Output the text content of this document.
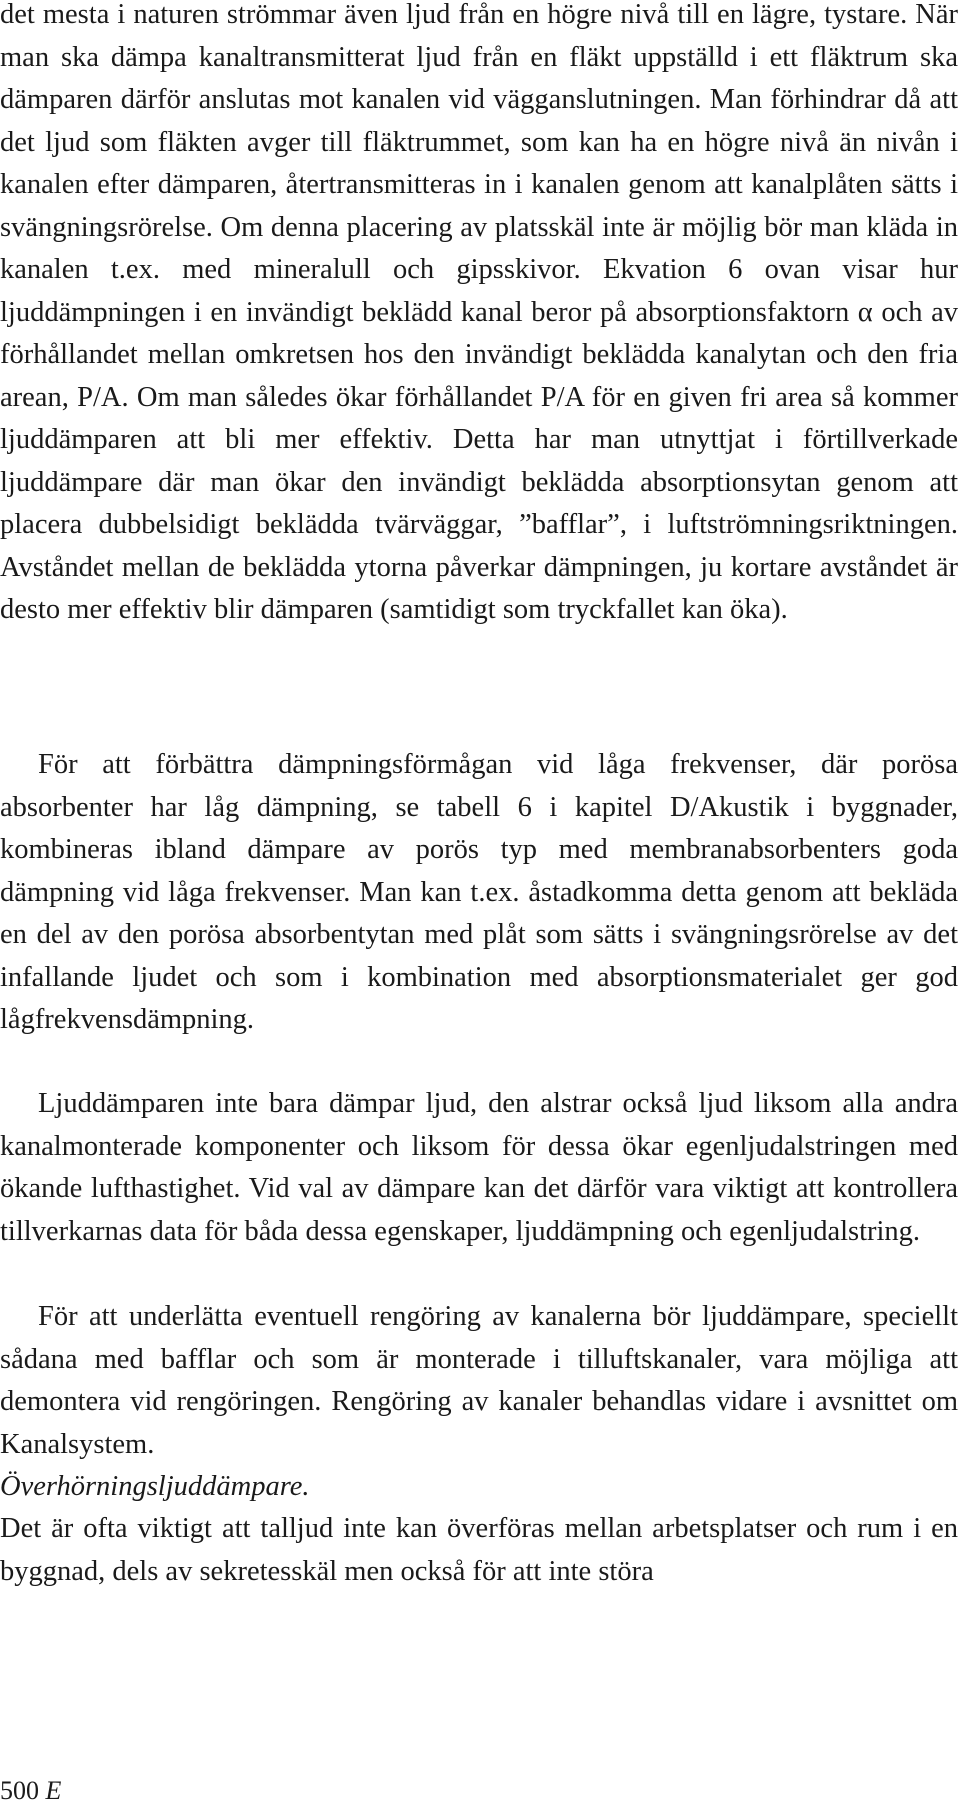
det mesta i naturen strömmar även ljud från en högre nivå till en lägre, tystare. När man ska dämpa kanaltransmitterat ljud från en fläkt uppställd i ett fläktrum ska dämparen därför anslutas mot kanalen vid vägganslutningen. Man förhindrar då att det ljud som fläkten avger till fläktrummet, som kan ha en högre nivå än nivån i kanalen efter dämparen, återtransmitteras in i kanalen genom att kanalplåten sätts i svängningsrörelse. Om denna placering av platsskäl inte är möjlig bör man kläda in kanalen t.ex. med mineralull och gipsskivor. Ekvation 6 ovan visar hur ljuddämpningen i en invändigt beklädd kanal beror på absorptionsfaktorn α och av förhållandet mellan omkretsen hos den invändigt beklädda kanalytan och den fria arean, P/A. Om man således ökar förhållandet P/A för en given fri area så kommer ljuddämparen att bli mer effektiv. Detta har man utnyttjat i förtillverkade ljuddämpare där man ökar den invändigt beklädda absorptionsytan genom att placera dubbelsidigt beklädda tvärväggar, ”bafflar”, i luftströmningsriktningen. Avståndet mellan de beklädda ytorna påverkar dämpningen, ju kortare avståndet är desto mer effektiv blir dämparen (samtidigt som tryckfallet kan öka).

För att förbättra dämpningsförmågan vid låga frekvenser, där porösa absorbenter har låg dämpning, se tabell 6 i kapitel D/Akustik i byggnader, kombineras ibland dämpare av porös typ med membranabsorbenters goda dämpning vid låga frekvenser. Man kan t.ex. åstadkomma detta genom att bekläda en del av den porösa absorbentytan med plåt som sätts i svängningsrörelse av det infallande ljudet och som i kombination med absorptionsmaterialet ger god lågfrekvensdämpning.

Ljuddämparen inte bara dämpar ljud, den alstrar också ljud liksom alla andra kanalmonterade komponenter och liksom för dessa ökar egenljudalstringen med ökande lufthastighet. Vid val av dämpare kan det därför vara viktigt att kontrollera tillverkarnas data för båda dessa egenskaper, ljuddämpning och egenljudalstring.

För att underlätta eventuell rengöring av kanalerna bör ljuddämpare, speciellt sådana med bafflar och som är monterade i tilluftskanaler, vara möjliga att demontera vid rengöringen. Rengöring av kanaler behandlas vidare i avsnittet om Kanalsystem.

Överhörningsljuddämpare.

Det är ofta viktigt att talljud inte kan överföras mellan arbetsplatser och rum i en byggnad, dels av sekretesskäl men också för att inte störa

500 E
